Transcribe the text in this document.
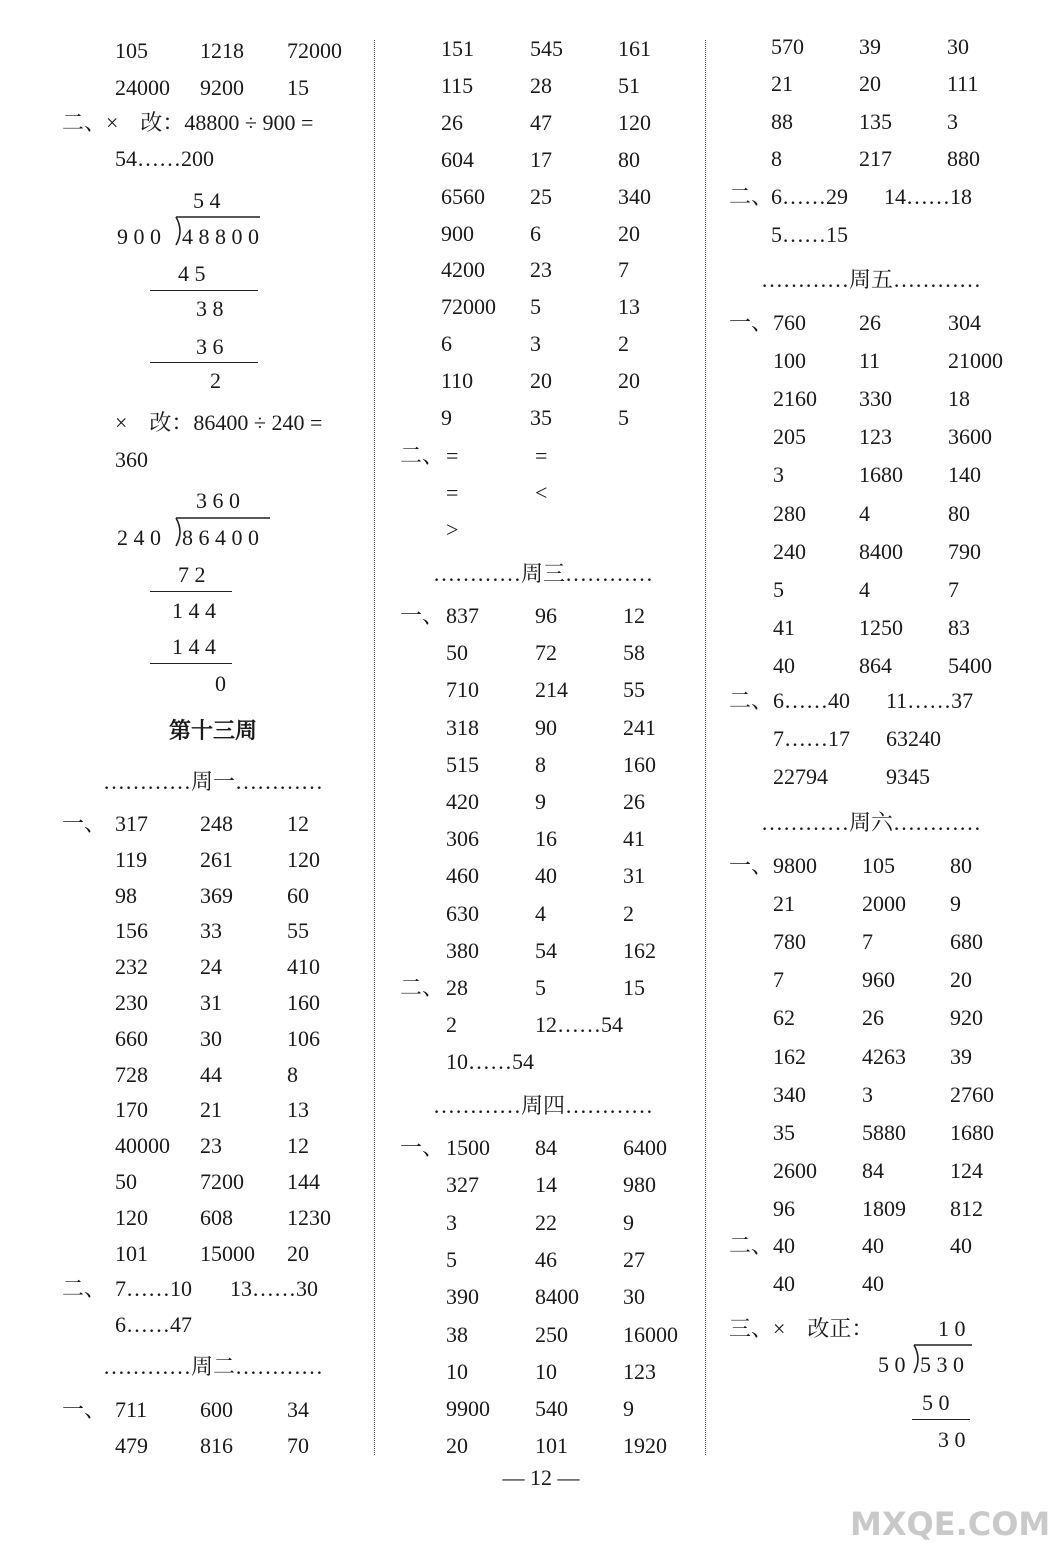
105 1218 72000
24000 9200 15
二、×　改：48800 ÷ 900 =
54……200
5 4
9 0 0 4 8 8 0 0
4 5
3 8
3 6
2
×　改：86400 ÷ 240 =
360
3 6 0
2 4 0 8 6 4 0 0
7 2
1 4 4
1 4 4
0
第十三周
…………周一…………
一、 317 248 12
119 261 120
98	369 60
156 33	55
232 24	410
230 31	160
660 30	106
728 44	8
170 21	13
40000 23	12
50	7200 144
120 608 1230
101 15000 20
二、 7……10 13……30
6……47
…………周二…………
一、 711 600 34
479 816 70
151	545	161
115	28	51
26	47	120
604	17	80
6560 25	340
900	6	20
4200 23	7
72000 5	13
6	3	2
110	20	20
9	35	5
二、 =	=
=	<
>
…………周三…………
一、 837	96	12
50	72	58
710	214	55
318	90	241
515	8	160
420	9	26
306	16	41
460	40	31
630	4	2
380	54	162
二、 28	5	15
2	12……54
10……54
…………周四…………
一、 1500 84	6400
327	14	980
3	22	9
5	46	27
390	8400 30
38	250	16000
10	10	123
9900 540	9
20	101	1920
570	39	30
21	20	111
88	135	3
8	217	880
二、
6……29 14……18
5……15
…………周五…………
一、 760 26	304
100 11	21000
2160 330	18
205 123	3600
3	1680 140
280 4	80
240 8400 790
5	4	7
41	1250 83
40	864	5400
二、 6……40 11……37
7……17 63240
22794	9345
…………周六…………
一、 9800 105	80
21	2000 9
780	7	680
7	960	20
62	26	920
162	4263 39
340	3	2760
35	5880 1680
2600 84	124
96	1809 812
二、 40	40	40
40	40
三、×　改正：	1 0
5 0 5 3 0
5 0
3 0
— 12 —
MXQE.COM
